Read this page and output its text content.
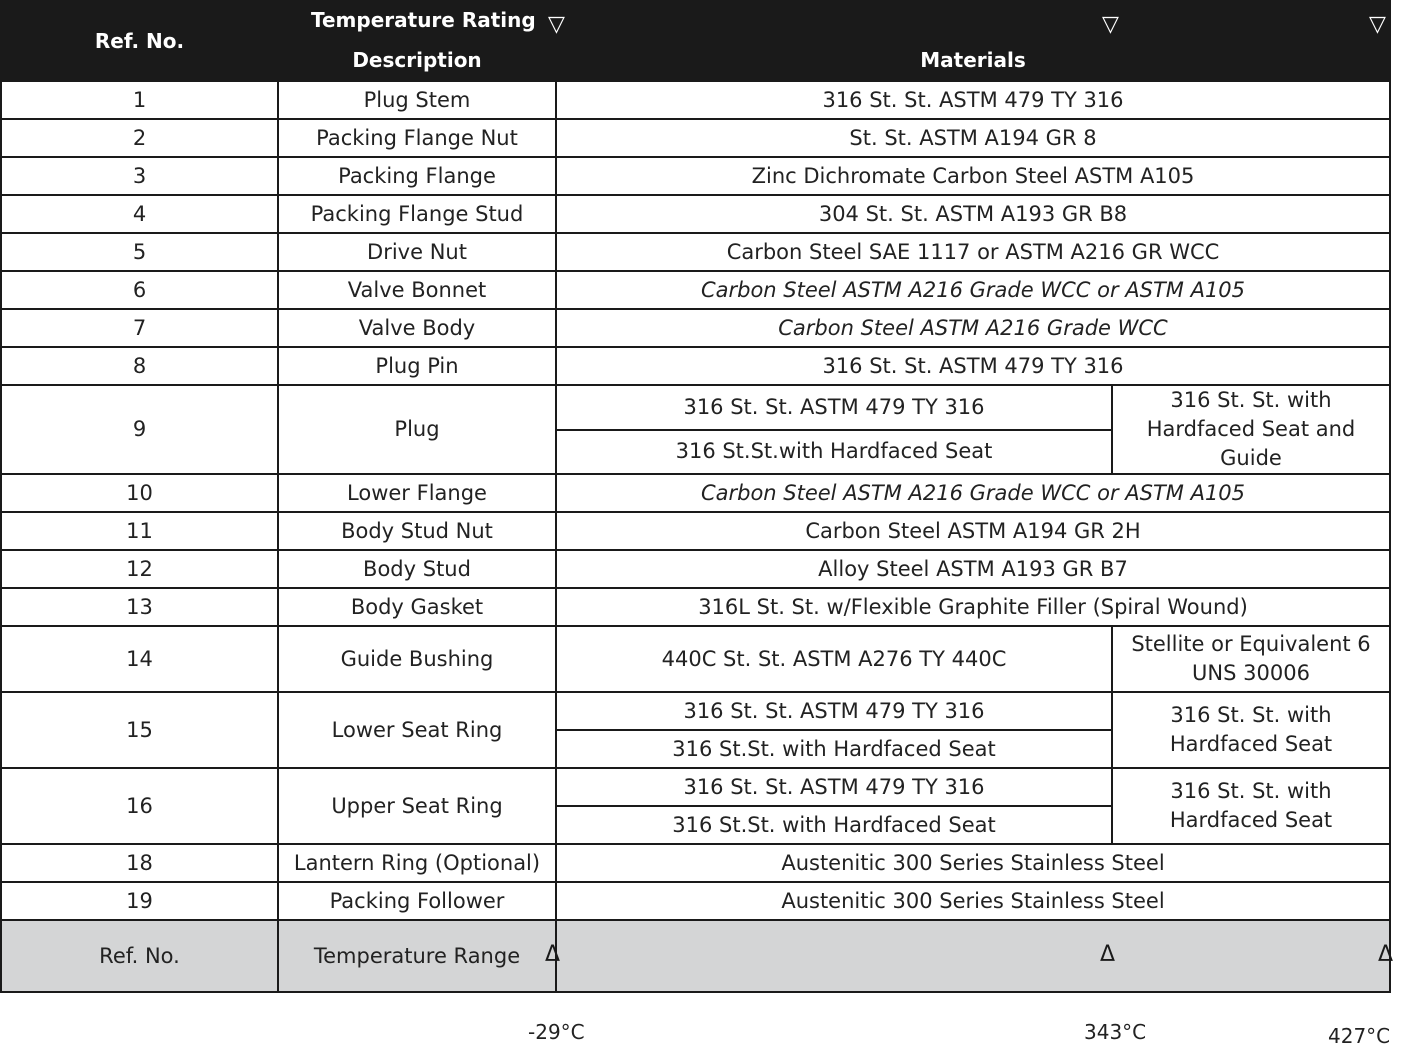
Ref. No.	Temperature Rating		
	Description	Materials	
1	Plug Stem	316 St. St. ASTM 479 TY 316	
2	Packing Flange Nut	St. St. ASTM A194 GR 8	
3	Packing Flange	Zinc Dichromate Carbon Steel ASTM A105	
4	Packing Flange Stud	304 St. St. ASTM A193 GR B8	
5	Drive Nut	Carbon Steel SAE 1117 or ASTM A216 GR WCC	
6	Valve Bonnet	Carbon Steel ASTM A216 Grade WCC or ASTM A105	
7	Valve Body	Carbon Steel ASTM A216 Grade WCC	
8	Plug Pin	316 St. St. ASTM 479 TY 316	
9	Plug	316 St. St. ASTM 479 TY 316	316 St. St. with Hardfaced Seat and Guide
		316 St.St.with Hardfaced Seat	
10	Lower Flange	Carbon Steel ASTM A216 Grade WCC or ASTM A105	
11	Body Stud Nut	Carbon Steel ASTM A194 GR 2H	
12	Body Stud	Alloy Steel ASTM A193 GR B7	
13	Body Gasket	316L St. St. w/Flexible Graphite Filler (Spiral Wound)	
14	Guide Bushing	440C St. St. ASTM A276 TY 440C	Stellite or Equivalent 6 UNS 30006
15	Lower Seat Ring	316 St. St. ASTM 479 TY 316	316 St. St. with Hardfaced Seat
		316 St.St. with Hardfaced Seat	
16	Upper Seat Ring	316 St. St. ASTM 479 TY 316	316 St. St. with Hardfaced Seat
		316 St.St. with Hardfaced Seat	
18	Lantern Ring (Optional)	Austenitic 300 Series Stainless Steel	
19	Packing Follower	Austenitic 300 Series Stainless Steel	
Ref. No.	Temperature Range		
▽	▽	▽
Δ	Δ	Δ
-29°C	343°C	427°C
